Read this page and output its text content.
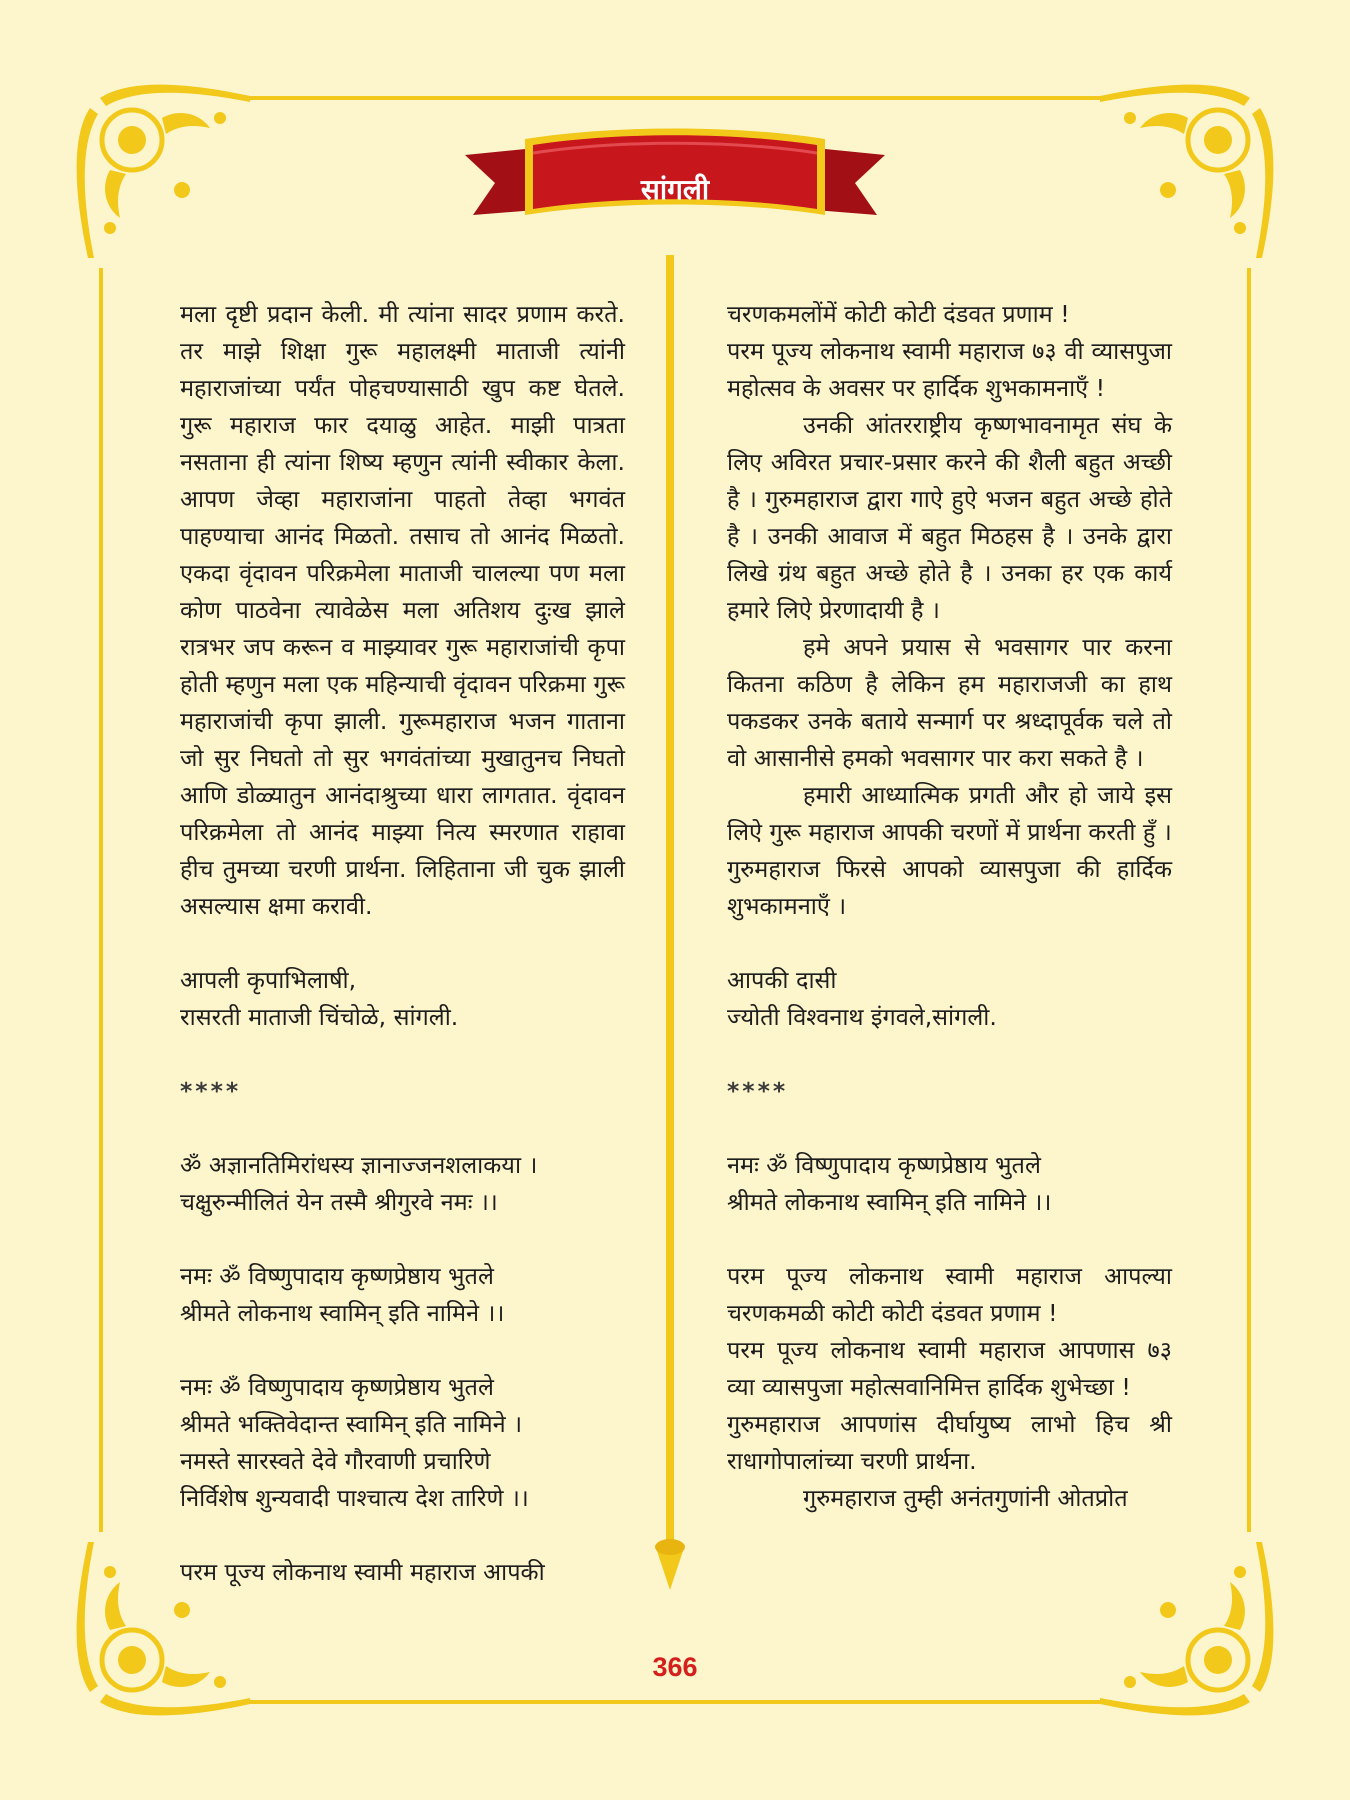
सांगली

मला दृष्टी प्रदान केली. मी त्यांना सादर प्रणाम करते. तर माझे शिक्षा गुरू महालक्ष्मी माताजी त्यांनी महाराजांच्या पर्यंत पोहचण्यासाठी खुप कष्ट घेतले. गुरू महाराज फार दयाळु आहेत. माझी पात्रता नसताना ही त्यांना शिष्य म्हणुन त्यांनी स्वीकार केला. आपण जेव्हा महाराजांना पाहतो तेव्हा भगवंत पाहण्याचा आनंद मिळतो. तसाच तो आनंद मिळतो. एकदा वृंदावन परिक्रमेला माताजी चालल्या पण मला कोण पाठवेना त्यावेळेस मला अतिशय दुःख झाले रात्रभर जप करून व माझ्यावर गुरू महाराजांची कृपा होती म्हणुन मला एक महिन्याची वृंदावन परिक्रमा गुरू महाराजांची कृपा झाली. गुरूमहाराज भजन गाताना जो सुर निघतो तो सुर भगवंतांच्या मुखातुनच निघतो आणि डोळ्यातुन आनंदाश्रुच्या धारा लागतात. वृंदावन परिक्रमेला तो आनंद माझ्या नित्य स्मरणात राहावा हीच तुमच्या चरणी प्रार्थना. लिहिताना जी चुक झाली असल्यास क्षमा करावी.

आपली कृपाभिलाषी,
रासरती माताजी चिंचोळे, सांगली.
****
ॐ अज्ञानतिमिरांधस्य ज्ञानाज्जनशलाकया ।
चक्षुरुन्मीलितं येन तस्मै श्रीगुरवे नमः ।।
नमः ॐ विष्णुपादाय कृष्णप्रेष्ठाय भुतले
श्रीमते लोकनाथ स्वामिन् इति नामिने ।।
नमः ॐ विष्णुपादाय कृष्णप्रेष्ठाय भुतले
श्रीमते भक्तिवेदान्त स्वामिन् इति नामिने ।
नमस्ते सारस्वते देवे गौरवाणी प्रचारिणे
निर्विशेष शुन्यवादी पाश्चात्य देश तारिणे ।।

परम पूज्य लोकनाथ स्वामी महाराज आपकी

चरणकमलोंमें कोटी कोटी दंडवत प्रणाम !

परम पूज्य लोकनाथ स्वामी महाराज ७३ वी व्यासपुजा महोत्सव के अवसर पर हार्दिक शुभकामनाएँ !

उनकी आंतरराष्ट्रीय कृष्णभावनामृत संघ के लिए अविरत प्रचार-प्रसार करने की शैली बहुत अच्छी है । गुरुमहाराज द्वारा गाऐ हुऐ भजन बहुत अच्छे होते है । उनकी आवाज में बहुत मिठहस है । उनके द्वारा लिखे ग्रंथ बहुत अच्छे होते है । उनका हर एक कार्य हमारे लिऐ प्रेरणादायी है ।

हमे अपने प्रयास से भवसागर पार करना कितना कठिण है लेकिन हम महाराजजी का हाथ पकडकर उनके बताये सन्मार्ग पर श्रध्दापूर्वक चले तो वो आसानीसे हमको भवसागर पार करा सकते है ।

हमारी आध्यात्मिक प्रगती और हो जाये इस लिऐ गुरू महाराज आपकी चरणों में प्रार्थना करती हुँ ।

गुरुमहाराज फिरसे आपको व्यासपुजा की हार्दिक शुभकामनाएँ ।

आपकी दासी
ज्योती विश्वनाथ इंगवले,सांगली.
****
नमः ॐ विष्णुपादाय कृष्णप्रेष्ठाय भुतले
श्रीमते लोकनाथ स्वामिन् इति नामिने ।।

परम पूज्य लोकनाथ स्वामी महाराज आपल्या चरणकमळी कोटी कोटी दंडवत प्रणाम !

परम पूज्य लोकनाथ स्वामी महाराज आपणास ७३ व्या व्यासपुजा महोत्सवानिमित्त हार्दिक शुभेच्छा !

गुरुमहाराज आपणांस दीर्घायुष्य लाभो हिच श्री राधागोपालांच्या चरणी प्रार्थना.

गुरुमहाराज तुम्ही अनंतगुणांनी ओतप्रोत

366
